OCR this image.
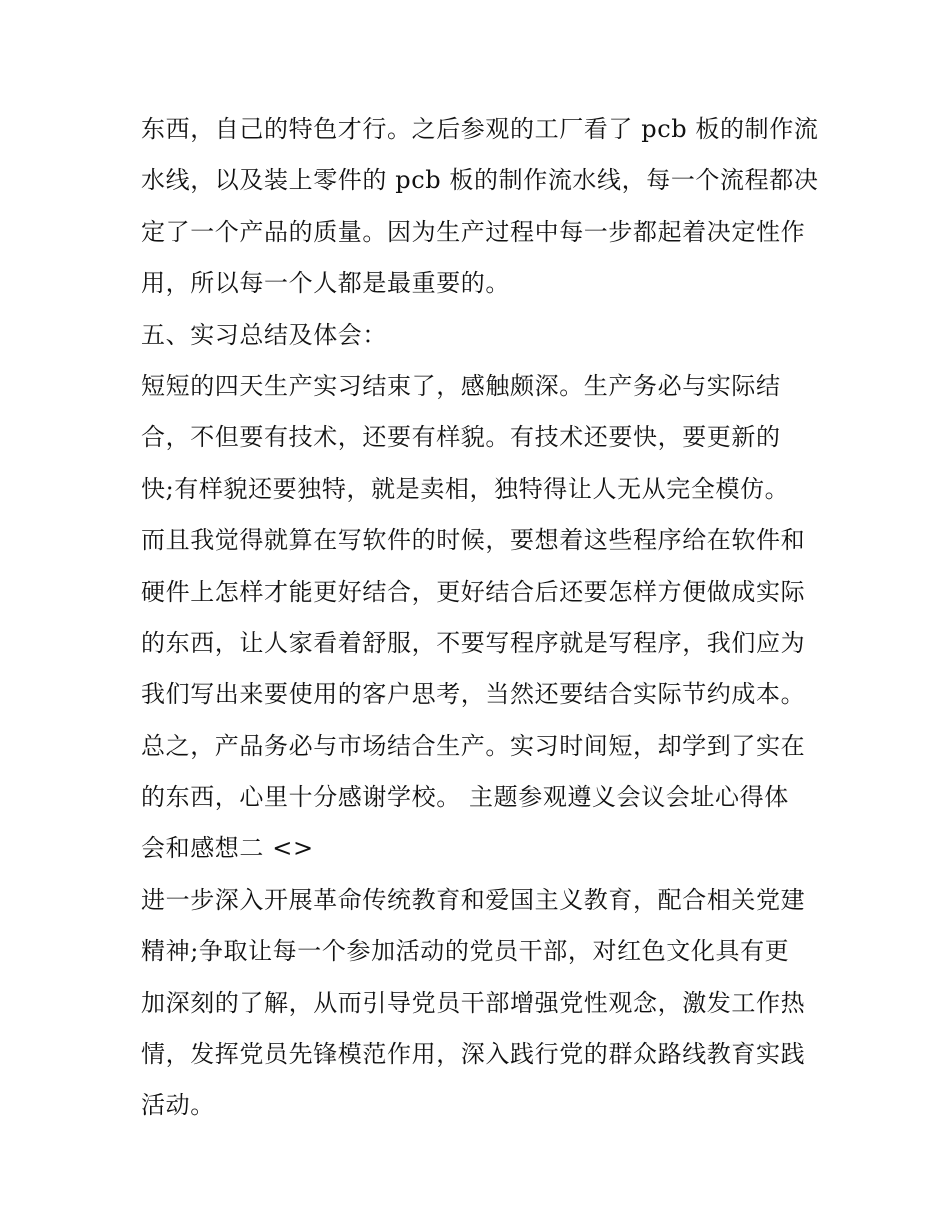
东西，自己的特色才行。之后参观的工厂看了 pcb 板的制作流
水线，以及装上零件的 pcb 板的制作流水线，每一个流程都决
定了一个产品的质量。因为生产过程中每一步都起着决定性作
用，所以每一个人都是最重要的。
五、实习总结及体会：
短短的四天生产实习结束了，感触颇深。生产务必与实际结
合，不但要有技术，还要有样貌。有技术还要快，要更新的
快;有样貌还要独特，就是卖相，独特得让人无从完全模仿。
而且我觉得就算在写软件的时候，要想着这些程序给在软件和
硬件上怎样才能更好结合，更好结合后还要怎样方便做成实际
的东西，让人家看着舒服，不要写程序就是写程序，我们应为
我们写出来要使用的客户思考，当然还要结合实际节约成本。
总之，产品务必与市场结合生产。实习时间短，却学到了实在
的东西，心里十分感谢学校。 主题参观遵义会议会址心得体
会和感想二 <>
进一步深入开展革命传统教育和爱国主义教育，配合相关党建
精神;争取让每一个参加活动的党员干部，对红色文化具有更
加深刻的了解，从而引导党员干部增强党性观念，激发工作热
情，发挥党员先锋模范作用，深入践行党的群众路线教育实践
活动。
